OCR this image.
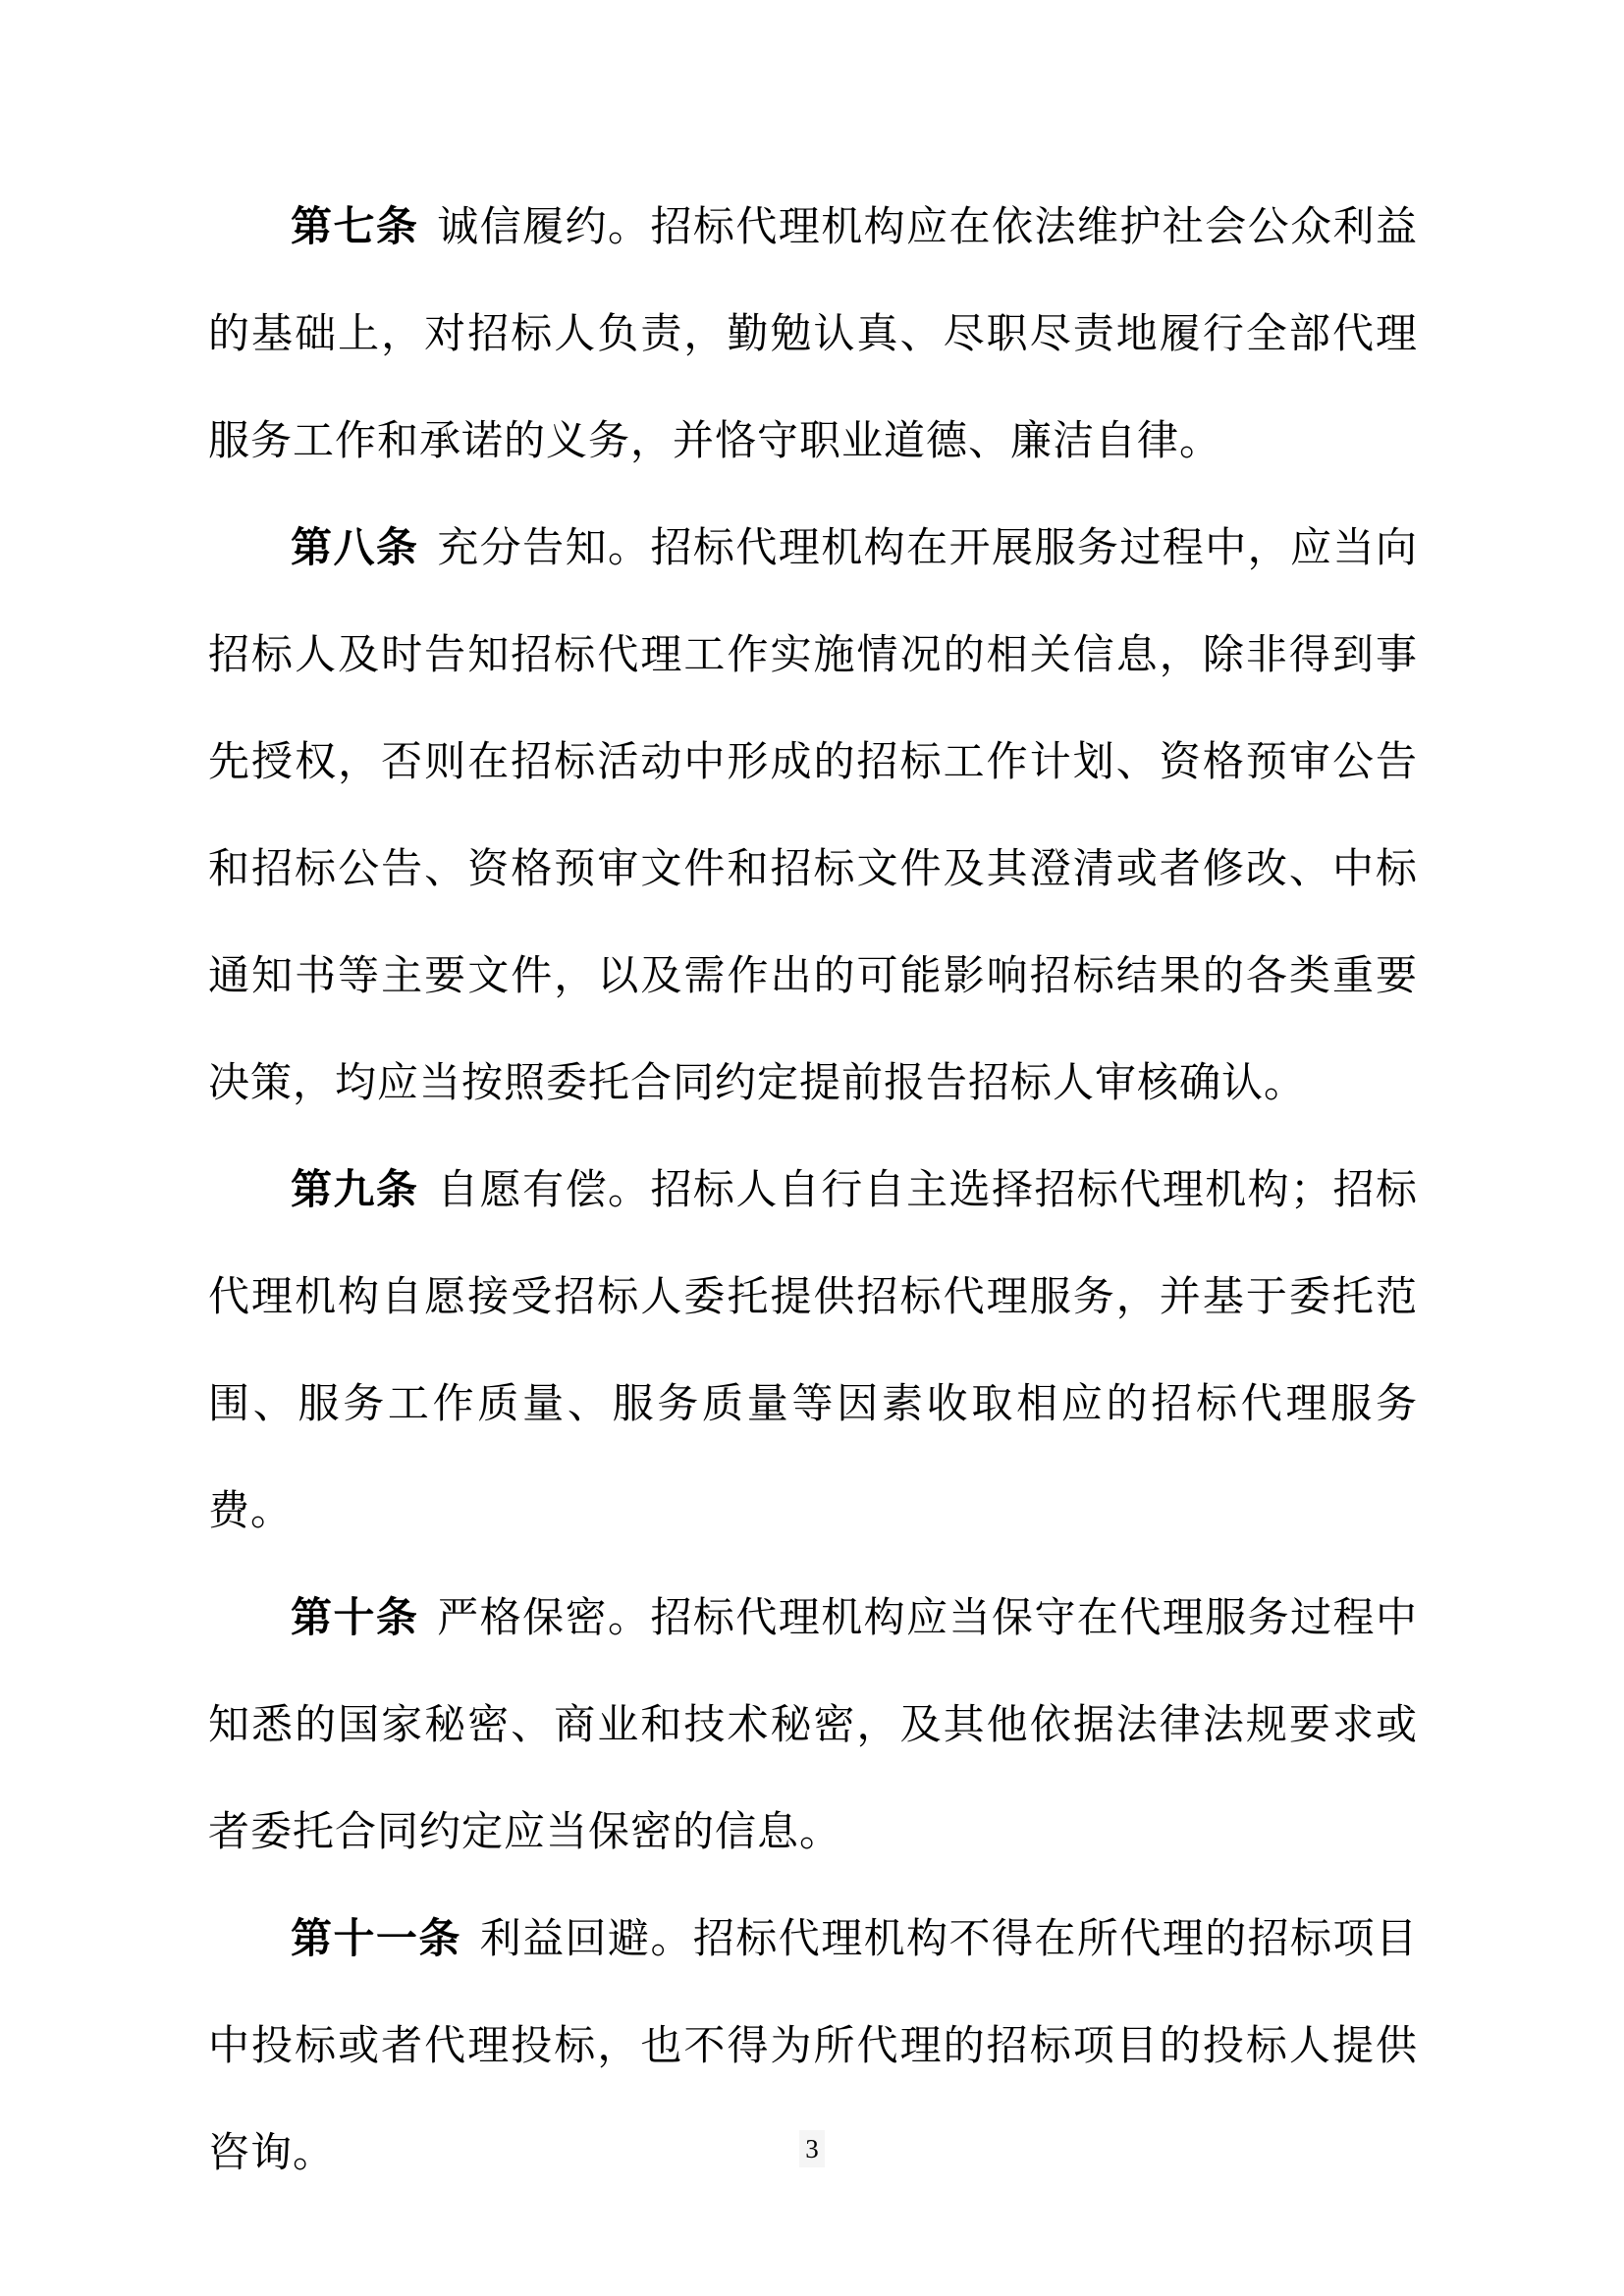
第七条 诚信履约。招标代理机构应在依法维护社会公众利益的基础上，对招标人负责，勤勉认真、尽职尽责地履行全部代理服务工作和承诺的义务，并恪守职业道德、廉洁自律。

第八条 充分告知。招标代理机构在开展服务过程中，应当向招标人及时告知招标代理工作实施情况的相关信息，除非得到事先授权，否则在招标活动中形成的招标工作计划、资格预审公告和招标公告、资格预审文件和招标文件及其澄清或者修改、中标通知书等主要文件，以及需作出的可能影响招标结果的各类重要决策，均应当按照委托合同约定提前报告招标人审核确认。

第九条 自愿有偿。招标人自行自主选择招标代理机构；招标代理机构自愿接受招标人委托提供招标代理服务，并基于委托范围、服务工作质量、服务质量等因素收取相应的招标代理服务费。

第十条 严格保密。招标代理机构应当保守在代理服务过程中知悉的国家秘密、商业和技术秘密，及其他依据法律法规要求或者委托合同约定应当保密的信息。

第十一条 利益回避。招标代理机构不得在所代理的招标项目中投标或者代理投标，也不得为所代理的招标项目的投标人提供咨询。	3
